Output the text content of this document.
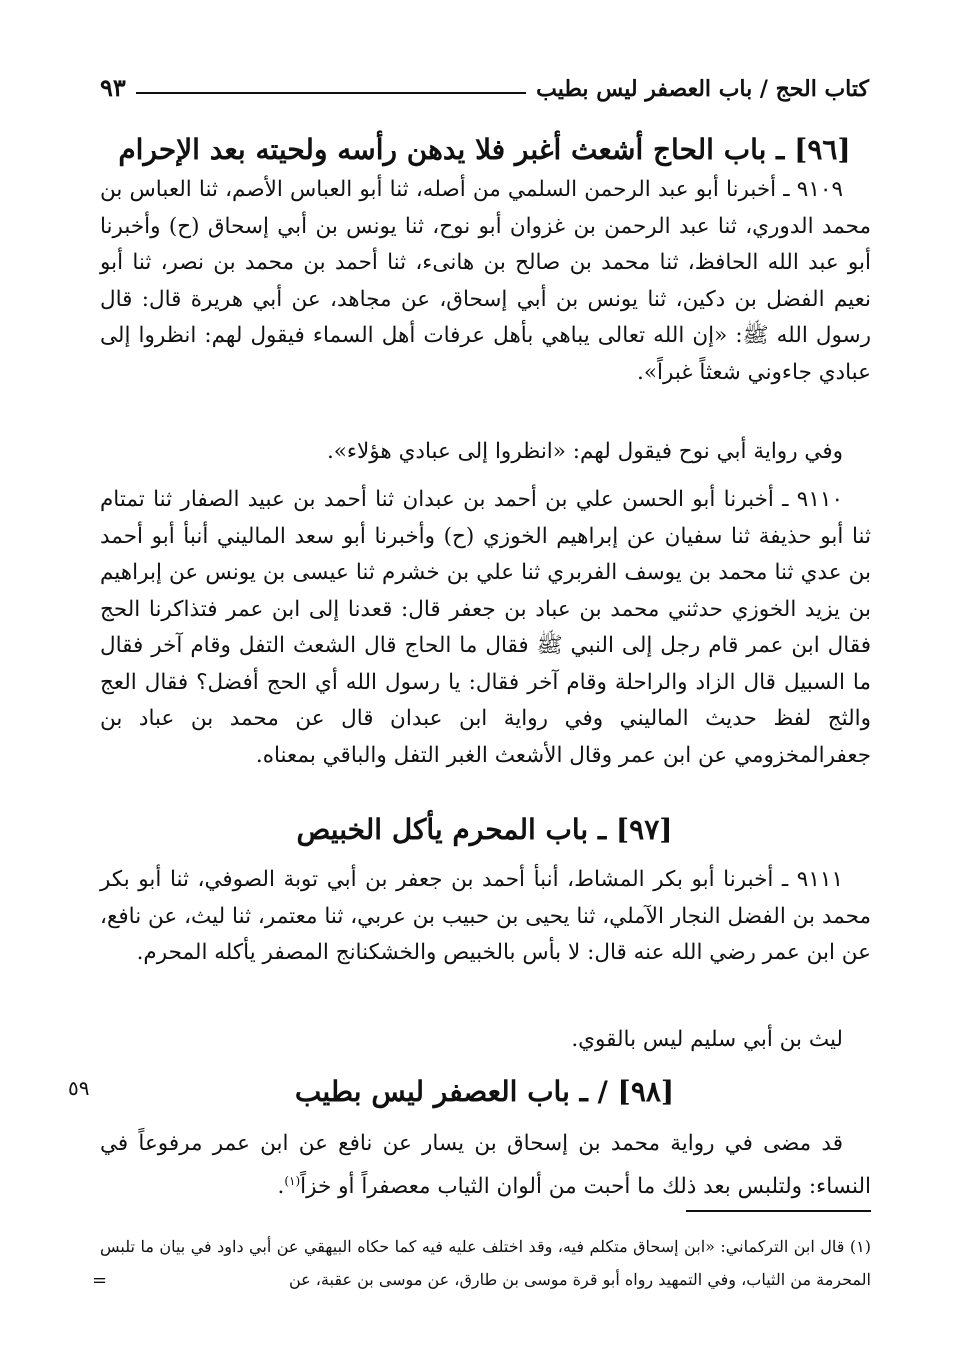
كتاب الحج / باب العصفر ليس بطيب
٩٣
[٩٦] ـ باب الحاج أشعث أغبر فلا يدهن رأسه ولحيته بعد الإحرام

٩١٠٩ ـ أخبرنا أبو عبد الرحمن السلمي من أصله، ثنا أبو العباس الأصم، ثنا العباس بن محمد الدوري، ثنا عبد الرحمن بن غزوان أبو نوح، ثنا يونس بن أبي إسحاق (ح) وأخبرنا أبو عبد الله الحافظ، ثنا محمد بن صالح بن هانىء، ثنا أحمد بن محمد بن نصر، ثنا أبو نعيم الفضل بن دكين، ثنا يونس بن أبي إسحاق، عن مجاهد، عن أبي هريرة قال: قال رسول الله ﷺ: «إن الله تعالى يباهي بأهل عرفات أهل السماء فيقول لهم: انظروا إلى عبادي جاءوني شعثاً غبراً».

وفي رواية أبي نوح فيقول لهم: «انظروا إلى عبادي هؤلاء».

٩١١٠ ـ أخبرنا أبو الحسن علي بن أحمد بن عبدان ثنا أحمد بن عبيد الصفار ثنا تمتام ثنا أبو حذيفة ثنا سفيان عن إبراهيم الخوزي (ح) وأخبرنا أبو سعد الماليني أنبأ أبو أحمد بن عدي ثنا محمد بن يوسف الفربري ثنا علي بن خشرم ثنا عيسى بن يونس عن إبراهيم بن يزيد الخوزي حدثني محمد بن عباد بن جعفر قال: قعدنا إلى ابن عمر فتذاكرنا الحج فقال ابن عمر قام رجل إلى النبي ﷺ فقال ما الحاج قال الشعث التفل وقام آخر فقال ما السبيل قال الزاد والراحلة وقام آخر فقال: يا رسول الله أي الحج أفضل؟ فقال العج والثج لفظ حديث الماليني وفي رواية ابن عبدان قال عن محمد بن عباد بن جعفرالمخزومي عن ابن عمر وقال الأشعث الغبر التفل والباقي بمعناه.

[٩٧] ـ باب المحرم يأكل الخبيص

٩١١١ ـ أخبرنا أبو بكر المشاط، أنبأ أحمد بن جعفر بن أبي توبة الصوفي، ثنا أبو بكر محمد بن الفضل النجار الآملي، ثنا يحيى بن حبيب بن عربي، ثنا معتمر، ثنا ليث، عن نافع، عن ابن عمر رضي الله عنه قال: لا بأس بالخبيص والخشكنانج المصفر يأكله المحرم.

ليث بن أبي سليم ليس بالقوي.

[٩٨] / ـ باب العصفر ليس بطيب
٥٩

قد مضى في رواية محمد بن إسحاق بن يسار عن نافع عن ابن عمر مرفوعاً في النساء: ولتلبس بعد ذلك ما أحبت من ألوان الثياب معصفراً أو خزاً$^{(١)}$.

(١) قال ابن التركماني: «ابن إسحاق متكلم فيه، وقد اختلف عليه فيه كما حكاه البيهقي عن أبي داود في بيان ما تلبس المحرمة من الثياب، وفي التمهيد رواه أبو قرة موسى بن طارق، عن موسى بن عقبة، عن

=
